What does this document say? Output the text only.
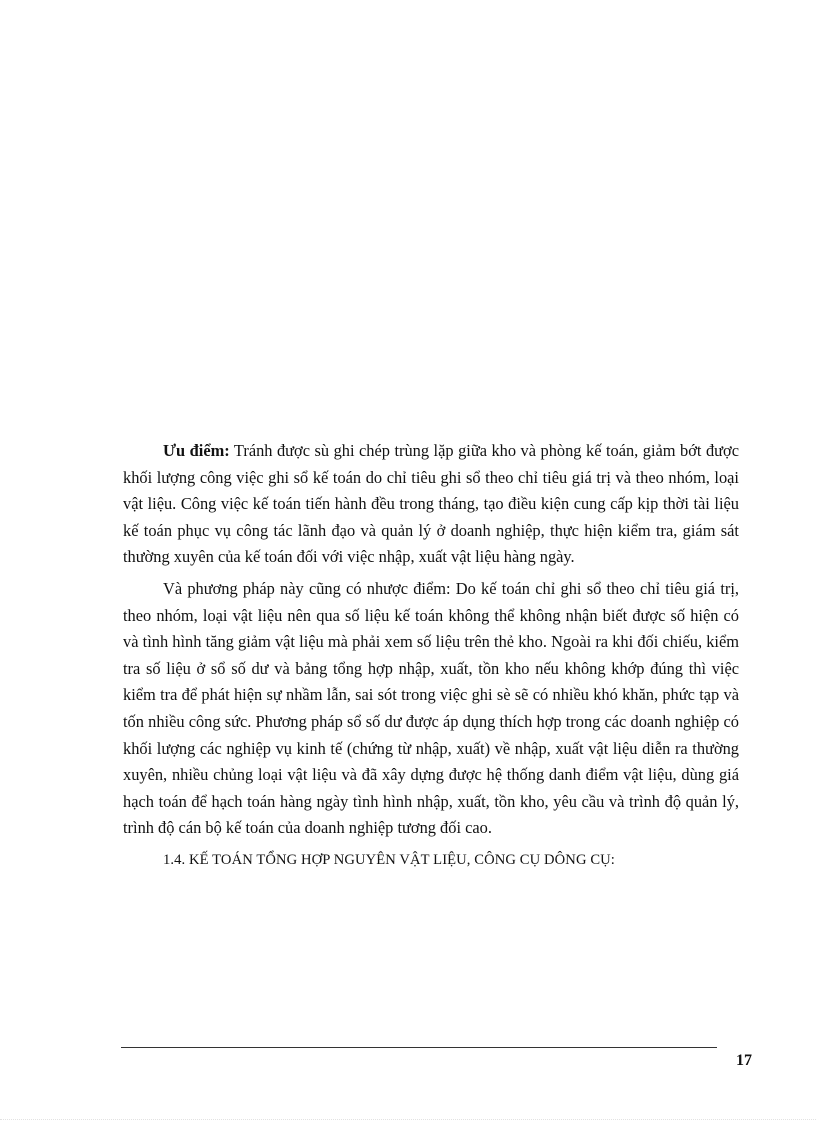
Ưu điểm: Tránh được sù ghi chép trùng lặp giữa kho và phòng kế toán, giảm bớt được khối lượng công việc ghi sổ kế toán do chỉ tiêu ghi sổ theo chỉ tiêu giá trị và theo nhóm, loại vật liệu. Công việc kế toán tiến hành đều trong tháng, tạo điều kiện cung cấp kịp thời tài liệu kế toán phục vụ công tác lãnh đạo và quản lý ở doanh nghiệp, thực hiện kiểm tra, giám sát thường xuyên của kế toán đối với việc nhập, xuất vật liệu hàng ngày.

Và phương pháp này cũng có nhược điểm: Do kế toán chỉ ghi sổ theo chỉ tiêu giá trị, theo nhóm, loại vật liệu nên qua số liệu kế toán không thể không nhận biết được số hiện có và tình hình tăng giảm vật liệu mà phải xem số liệu trên thẻ kho. Ngoài ra khi đối chiếu, kiểm tra số liệu ở sổ số dư và bảng tổng hợp nhập, xuất, tồn kho nếu không khớp đúng thì việc kiểm tra để phát hiện sự nhầm lẫn, sai sót trong việc ghi sè sẽ có nhiều khó khăn, phức tạp và tốn nhiều công sức. Phương pháp sổ số dư được áp dụng thích hợp trong các doanh nghiệp có khối lượng các nghiệp vụ kinh tế (chứng từ nhập, xuất) về nhập, xuất vật liệu diễn ra thường xuyên, nhiều chủng loại vật liệu và đã xây dựng được hệ thống danh điểm vật liệu, dùng giá hạch toán để hạch toán hàng ngày tình hình nhập, xuất, tồn kho, yêu cầu và trình độ quản lý, trình độ cán bộ kế toán của doanh nghiệp tương đối cao.

1.4. KẾ TOÁN TỔNG HỢP NGUYÊN VẬT LIỆU, CÔNG CỤ DÔNG CỤ:

17
